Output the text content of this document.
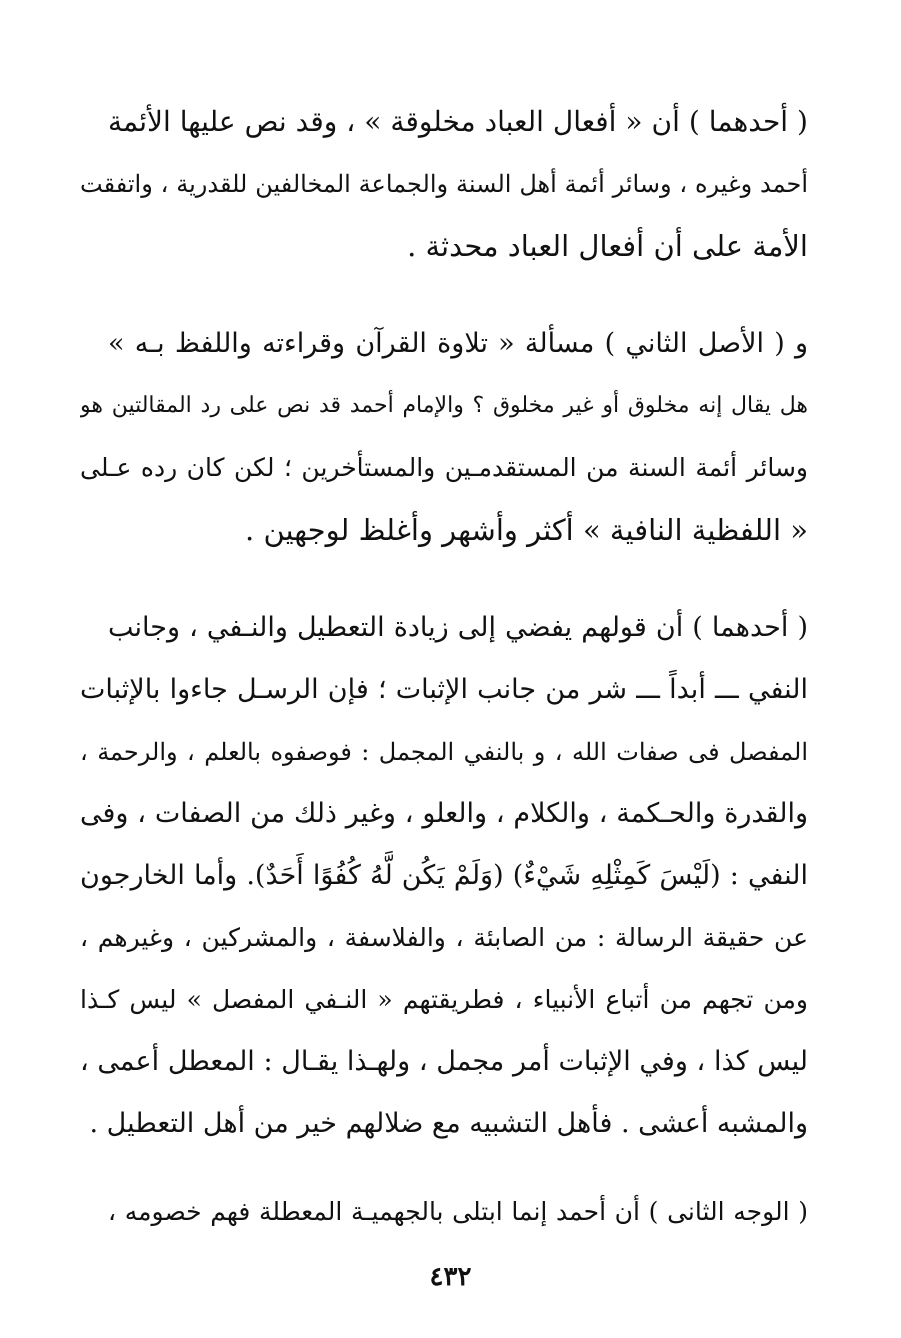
( أحدهما ) أن « أفعال العباد مخلوقة » ، وقد نص عليها الأئمة
أحمد وغيره ، وسائر أئمة أهل السنة والجماعة المخالفين للقدرية ، واتفقت
الأمة على أن أفعال العباد محدثة .
و ( الأصل الثاني ) مسألة « تلاوة القرآن وقراءته واللفظ بـه »
هل يقال إنه مخلوق أو غير مخلوق ؟ والإمام أحمد قد نص على رد المقالتين هو
وسائر أئمة السنة من المستقدمـين والمستأخرين ؛ لكن كان رده عـلى
« اللفظية النافية » أكثر وأشهر وأغلظ لوجهين .
( أحدهما ) أن قولهم يفضي إلى زيادة التعطيل والنـفي ، وجانب
النفي ـــ أبداً ـــ شر من جانب الإثبات ؛ فإن الرسـل جاءوا بالإثبات
المفصل فى صفات الله ، و بالنفي المجمل : فوصفوه بالعلم ، والرحمة ،
والقدرة والحـكمة ، والكلام ، والعلو ، وغير ذلك من الصفات ، وفى
النفي : (لَيْسَ كَمِثْلِهِ شَيْءٌ) (وَلَمْ يَكُن لَّهُ كُفُوًا أَحَدٌ). وأما الخارجون
عن حقيقة الرسالة : من الصابئة ، والفلاسفة ، والمشركين ، وغيرهم ،
ومن تجهم من أتباع الأنبياء ، فطريقتهم « النـفي المفصل » ليس كـذا
ليس كذا ، وفي الإثبات أمر مجمل ، ولهـذا يقـال : المعطل أعمى ،
والمشبه أعشى . فأهل التشبيه مع ضلالهم خير من أهل التعطيل .
( الوجه الثانى ) أن أحمد إنما ابتلى بالجهميـة المعطلة فهم خصومه ،
٤٣٢
